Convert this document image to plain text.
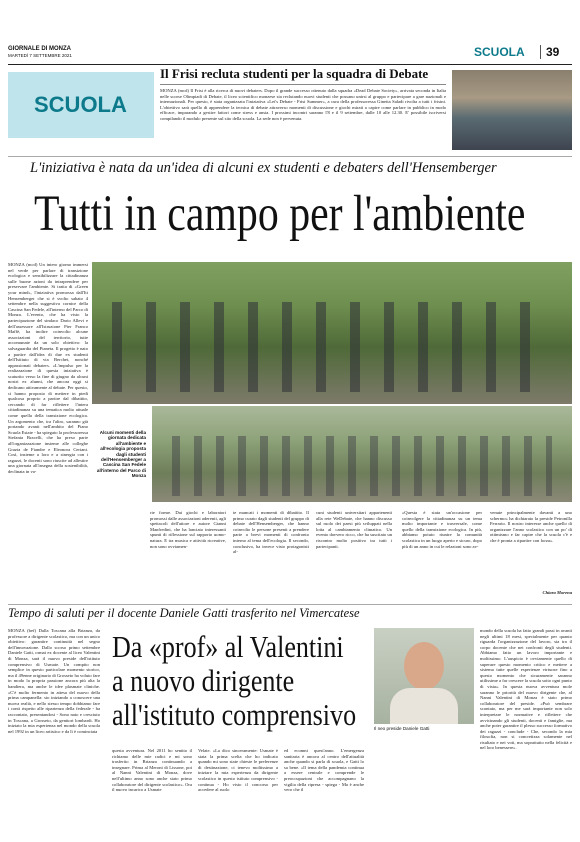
GIORNALE DI MONZA
MARTEDÌ 7 SETTEMBRE 2021	SCUOLA	39
SCUOLA
Il Frisi recluta studenti per la squadra di Debate
MONZA (mcd) Il Frisi è alla ricerca di nuovi debaters. Dopo il grande successo ottenuto dalla squadra «Dead Debate Society», arrivata seconda in Italia nelle scorse Olimpiadi di Debate, il liceo scientifico monzese sta reclutando nuovi studenti che possano unirsi al gruppo e partecipare a gare nazionali e internazionali. Per questo, è stata organizzata l'iniziativa «Let's Debate - Frisi Summer», a cura della professoressa Ginetta Saladi rivolta a tutti i frisini. L'obiettivo sarà quello di apprendere la tecnica di debate attraverso momenti di discussione e giochi mirati a capire come parlare in pubblico in modo efficace, imparando a gestire fattori come stress e ansia. I prossimi incontri saranno l'8 e il 9 settembre, dalle 10 alle 12.30. E' possibile iscriversi compilando il modulo presente sul sito della scuola. La sede non è pervenuta.
L'iniziativa è nata da un'idea di alcuni ex studenti e debaters dell'Hensemberger
Tutti in campo per l'ambiente
MONZA (mcd) Un intero giorno immersi nel verde per parlare di transizione ecologica e sensibilizzare la cittadinanza sulle buone azioni da intraprendere per preservare l'ambiente. Si tratta di «Green your mind», l'iniziativa promossa dall'Iti Hensemberger che si è svolto sabato 4 settembre nella suggestiva cornice della Cascina San Fedele, all'interno del Parco di Monza. L'evento, che ha visto la partecipazione del sindaco Dario Allevi e dell'assessore all'Istruzione Pier Franco Maffè, ha inoltre coinvolto alcune associazioni del territorio, tutte accomunate da un solo obiettivo: la salvaguardia del Pianeta. Il progetto è nato a partire dall'idea di due ex studenti dell'Istituto di via Berchet, nonché appassionati debaters. «L'impulso per la realizzazione di questa iniziativa è scaturito verso la fine di giugno da alcuni nostri ex alunni, che ancora oggi si dedicano attivamente al debate. Per questo, ci hanno proposto di mettere in piedi qualcosa proprio a partire dal dibattito, cercando di far riflettere l'intera cittadinanza su una tematica molto attuale come quella della transizione ecologica. Un argomento che, tra l'altro, saranno già portando avanti nell'ambito del Piano Scuola Estate - ha spiegato la professoressa Stefania Bracelli, che ha preso parte all'organizzazione insieme alle colleghe Grazia de Fiandre e Eleonora Ceriani. Così, insieme a loro e a sinergia con i ragazzi, le docenti sono riuscite ad allestire una giornata all'insegna della sostenibilità, declinata in va-
Alcuni momenti della giornata dedicata all'ambiente e all'ecologia proposta dagli studenti dell'Hensemberger a Cascina San Fedele all'interno del Parco di Monza
rie forme. Dai giochi e laboratori promossi dalle associazioni aderenti, agli spettacoli dell'attore e autore Gianni Manfredini, che ha lanciato interessanti spunti di riflessione sul rapporto uomo-natura. E tra musica e attività ricreative, non sono ovviamen-
te mancati i momenti di dibattito. Il primo curato dagli studenti del gruppo di debate dell'Hensemberger, che hanno coinvolto le persone presenti a prendere parte a brevi momenti di confronto interno al tema dell'ecologia. Il secondo, conclusivo, ha invece visto protagonisti al-
cuni studenti universitari appartenenti alla rete WeDebate, che hanno discusso sul ruolo dei paesi più sviluppati nella lotta al cambiamento climatico. Un evento davvero ricco, che ha suscitato un riscontro molto positivo tra tutti i partecipanti.
«Questa è stata un'occasione per coinvolgere la cittadinanza su un tema molto importante e trasversale, come quello della transizione ecologica. In più, abbiamo potuto riunire la comunità scolastica in un luogo aperto e sicuro, dopo più di un anno in cui le relazioni sono av-
venute principalmente davanti a uno schermo» ha dichiarato la preside Petronilla Ferrario. Il nostro interesse anche quello di organizzare l'anno scolastico con un po' di ottimismo e far capire che la scuola c'è e che è pronta a ripartire con forza».
Chiara Morena
Tempo di saluti per il docente Daniele Gatti trasferito nel Vimercatese
MONZA (bef) Dalla Toscana alla Brianza, da professore a dirigente scolastico, ma con un unico obiettivo: garantire continuità nel segno dell'innovazione. Dallo scorso primo settembre Daniele Gatti, ormai ex docente al liceo Valentini di Monza, sarà il nuovo preside dell'istituto comprensivo di Usmate. Un compito non semplice in questo particolare momento storico, ma il 49enne originario di Grosseto ha voluto fare in modo la propria passione ancora più alta la bandiera, ma anche le idee plasmate cliniche. «C'è molto fermento in attesa del nuovo della prima campanella: sto iniziando a conoscere una nuova realtà, e nello stesso tempo dobbiamo fare i conti rispetto alle ripartenza della federale - ha raccontato, presentandosi - Sono nato e cresciuto in Toscana, a Grosseto, da genitori lombardi. Ho iniziato la mia esperienza nel mondo della scuola nel 1992 in un liceo artistico e da lì è cominciata
Da «prof» al Valentini
a nuovo dirigente
all'istituto comprensivo	Il neo preside Daniele Gatti
questa avventura. Nel 2011 ho sentito il richiamo delle mie radici e mi sono trasferito in Brianza continuando a insegnare. Prima al Meroni di Lissone, poi al Nanni Valentini di Monza, dove nell'ultimo anno sono anche stato primo collaboratore del dirigente scolastico». Ora il nuovo incarico a Usmate
Velate. «La dico sinceramente: Usmate è stata la prima scelta che ho indicato quando mi sono state chieste le preferenze di destinazione, ci tenevo moltissimo a iniziare la mia esperienza da dirigente scolastico in questo istituto comprensivo - continua - Ho visto il concorso per accedere al ruolo
ed ecomni quest'anno. L'emergenza sanitaria è ancora al centro dell'attualità anche quando si parla di scuola, e Gatti lo sa bene. «Il tema della pandemia continua a essere centrale e comprende le preoccupazioni che accompagnano la vigilia della ripresa - spiega - Ma è anche vero che il
mondo della scuola ha fatto grandi passi in avanti negli ultimi 18 mesi, specialmente per quanto riguarda l'organizzazione del lavoro, sia tra il corpo docente che nei confronti degli studenti. Abbiamo fatto un lavoro importante e moltissimo. L'auspicio è ovviamente quello di superare questo momento critico e mettere a sistema tutte quelle esperienze virtuose fino a questo momento che sicuramente saranno utilissime a far crescere la scuola sotto ogni punto di vista». In questa nuova avventura mole saranno le priorità del nuovo dirigente che, al Nanni Valentini di Monza è stato primo collaboratore del preside. «Può sembrare scontato, ma per me sarà importante non solo interpretare le normative e riflettere che avvicinando gli studenti, docenti e famiglie, ma anche poter garantire il plesso successo formativo dei ragazzi - conclude - Che, secondo la mia filosofia, non si concretizza solamente nel risultato e nei voti, ma soprattutto nella felicità e nel loro benessere».
